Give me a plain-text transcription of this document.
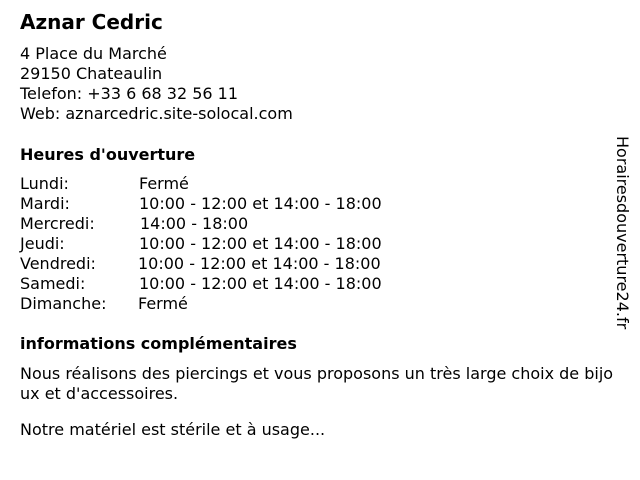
Aznar Cedric
4 Place du Marché
29150 Chateaulin
Telefon: +33 6 68 32 56 11
Web: aznarcedric.site-solocal.com
Heures d'ouverture
Lundi:	Fermé
Mardi:	10:00 - 12:00 et 14:00 - 18:00
Mercredi:	14:00 - 18:00
Jeudi:	10:00 - 12:00 et 14:00 - 18:00
Vendredi:	10:00 - 12:00 et 14:00 - 18:00
Samedi:	10:00 - 12:00 et 14:00 - 18:00
Dimanche: Fermé
informations complémentaires
Nous réalisons des piercings et vous proposons un très large choix de bijoux et d'accessoires.
Notre matériel est stérile et à usage...
Horairesdouverture24.fr
